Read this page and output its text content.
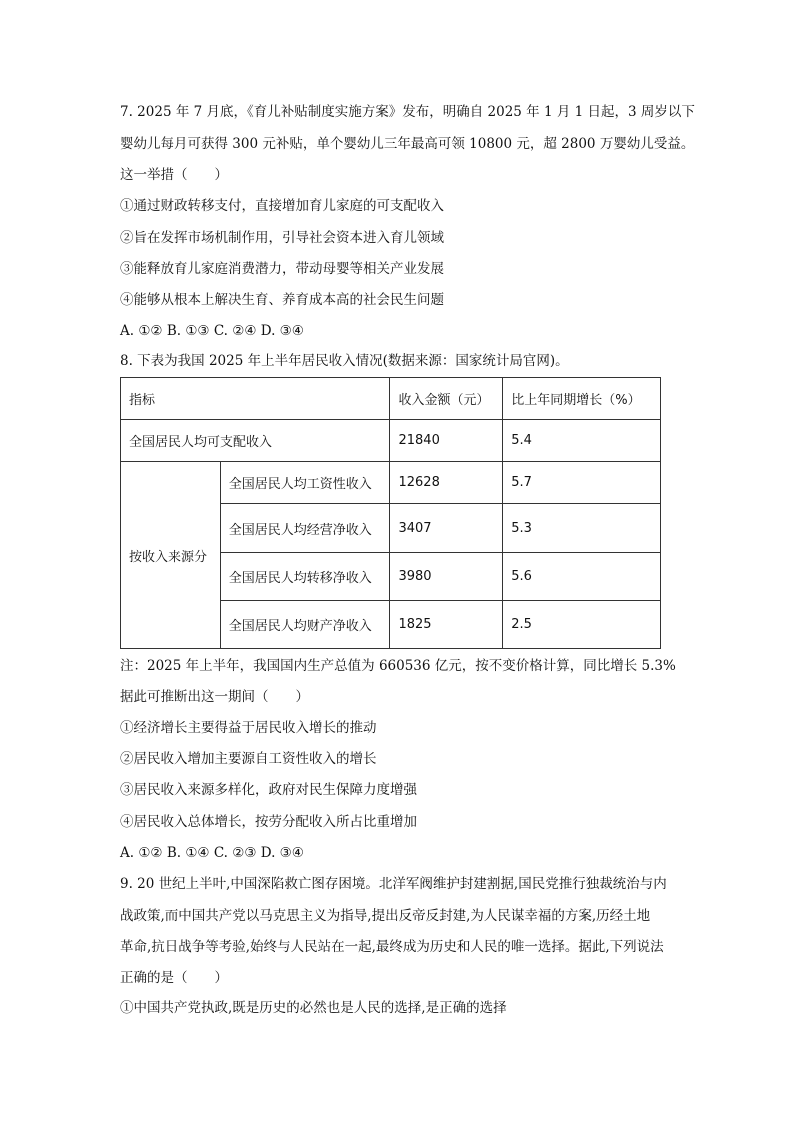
7. 2025 年 7 月底，《育儿补贴制度实施方案》发布，明确自 2025 年 1 月 1 日起，3 周岁以下
婴幼儿每月可获得 300 元补贴，单个婴幼儿三年最高可领 10800 元，超 2800 万婴幼儿受益。
这一举措（　　）
①通过财政转移支付，直接增加育儿家庭的可支配收入
②旨在发挥市场机制作用，引导社会资本进入育儿领域
③能释放育儿家庭消费潜力，带动母婴等相关产业发展
④能够从根本上解决生育、养育成本高的社会民生问题
A. ①② B. ①③ C. ②④ D. ③④
8. 下表为我国 2025 年上半年居民收入情况(数据来源：国家统计局官网)。
指标		收入金额（元）	比上年同期增长（%）
全国居民人均可支配收入		21840	5.4
按收入来源分	全国居民人均工资性收入	12628	5.7
	全国居民人均经营净收入	3407	5.3
	全国居民人均转移净收入	3980	5.6
	全国居民人均财产净收入	1825	2.5
注：2025 年上半年，我国国内生产总值为 660536 亿元，按不变价格计算，同比增长 5.3%
据此可推断出这一期间（　　）
①经济增长主要得益于居民收入增长的推动
②居民收入增加主要源自工资性收入的增长
③居民收入来源多样化，政府对民生保障力度增强
④居民收入总体增长，按劳分配收入所占比重增加
A. ①② B. ①④ C. ②③ D. ③④
9. 20 世纪上半叶,中国深陷救亡图存困境。北洋军阀维护封建割据,国民党推行独裁统治与内
战政策,而中国共产党以马克思主义为指导,提出反帝反封建,为人民谋幸福的方案,历经土地
革命,抗日战争等考验,始终与人民站在一起,最终成为历史和人民的唯一选择。据此,下列说法
正确的是（　　）
①中国共产党执政,既是历史的必然也是人民的选择,是正确的选择
